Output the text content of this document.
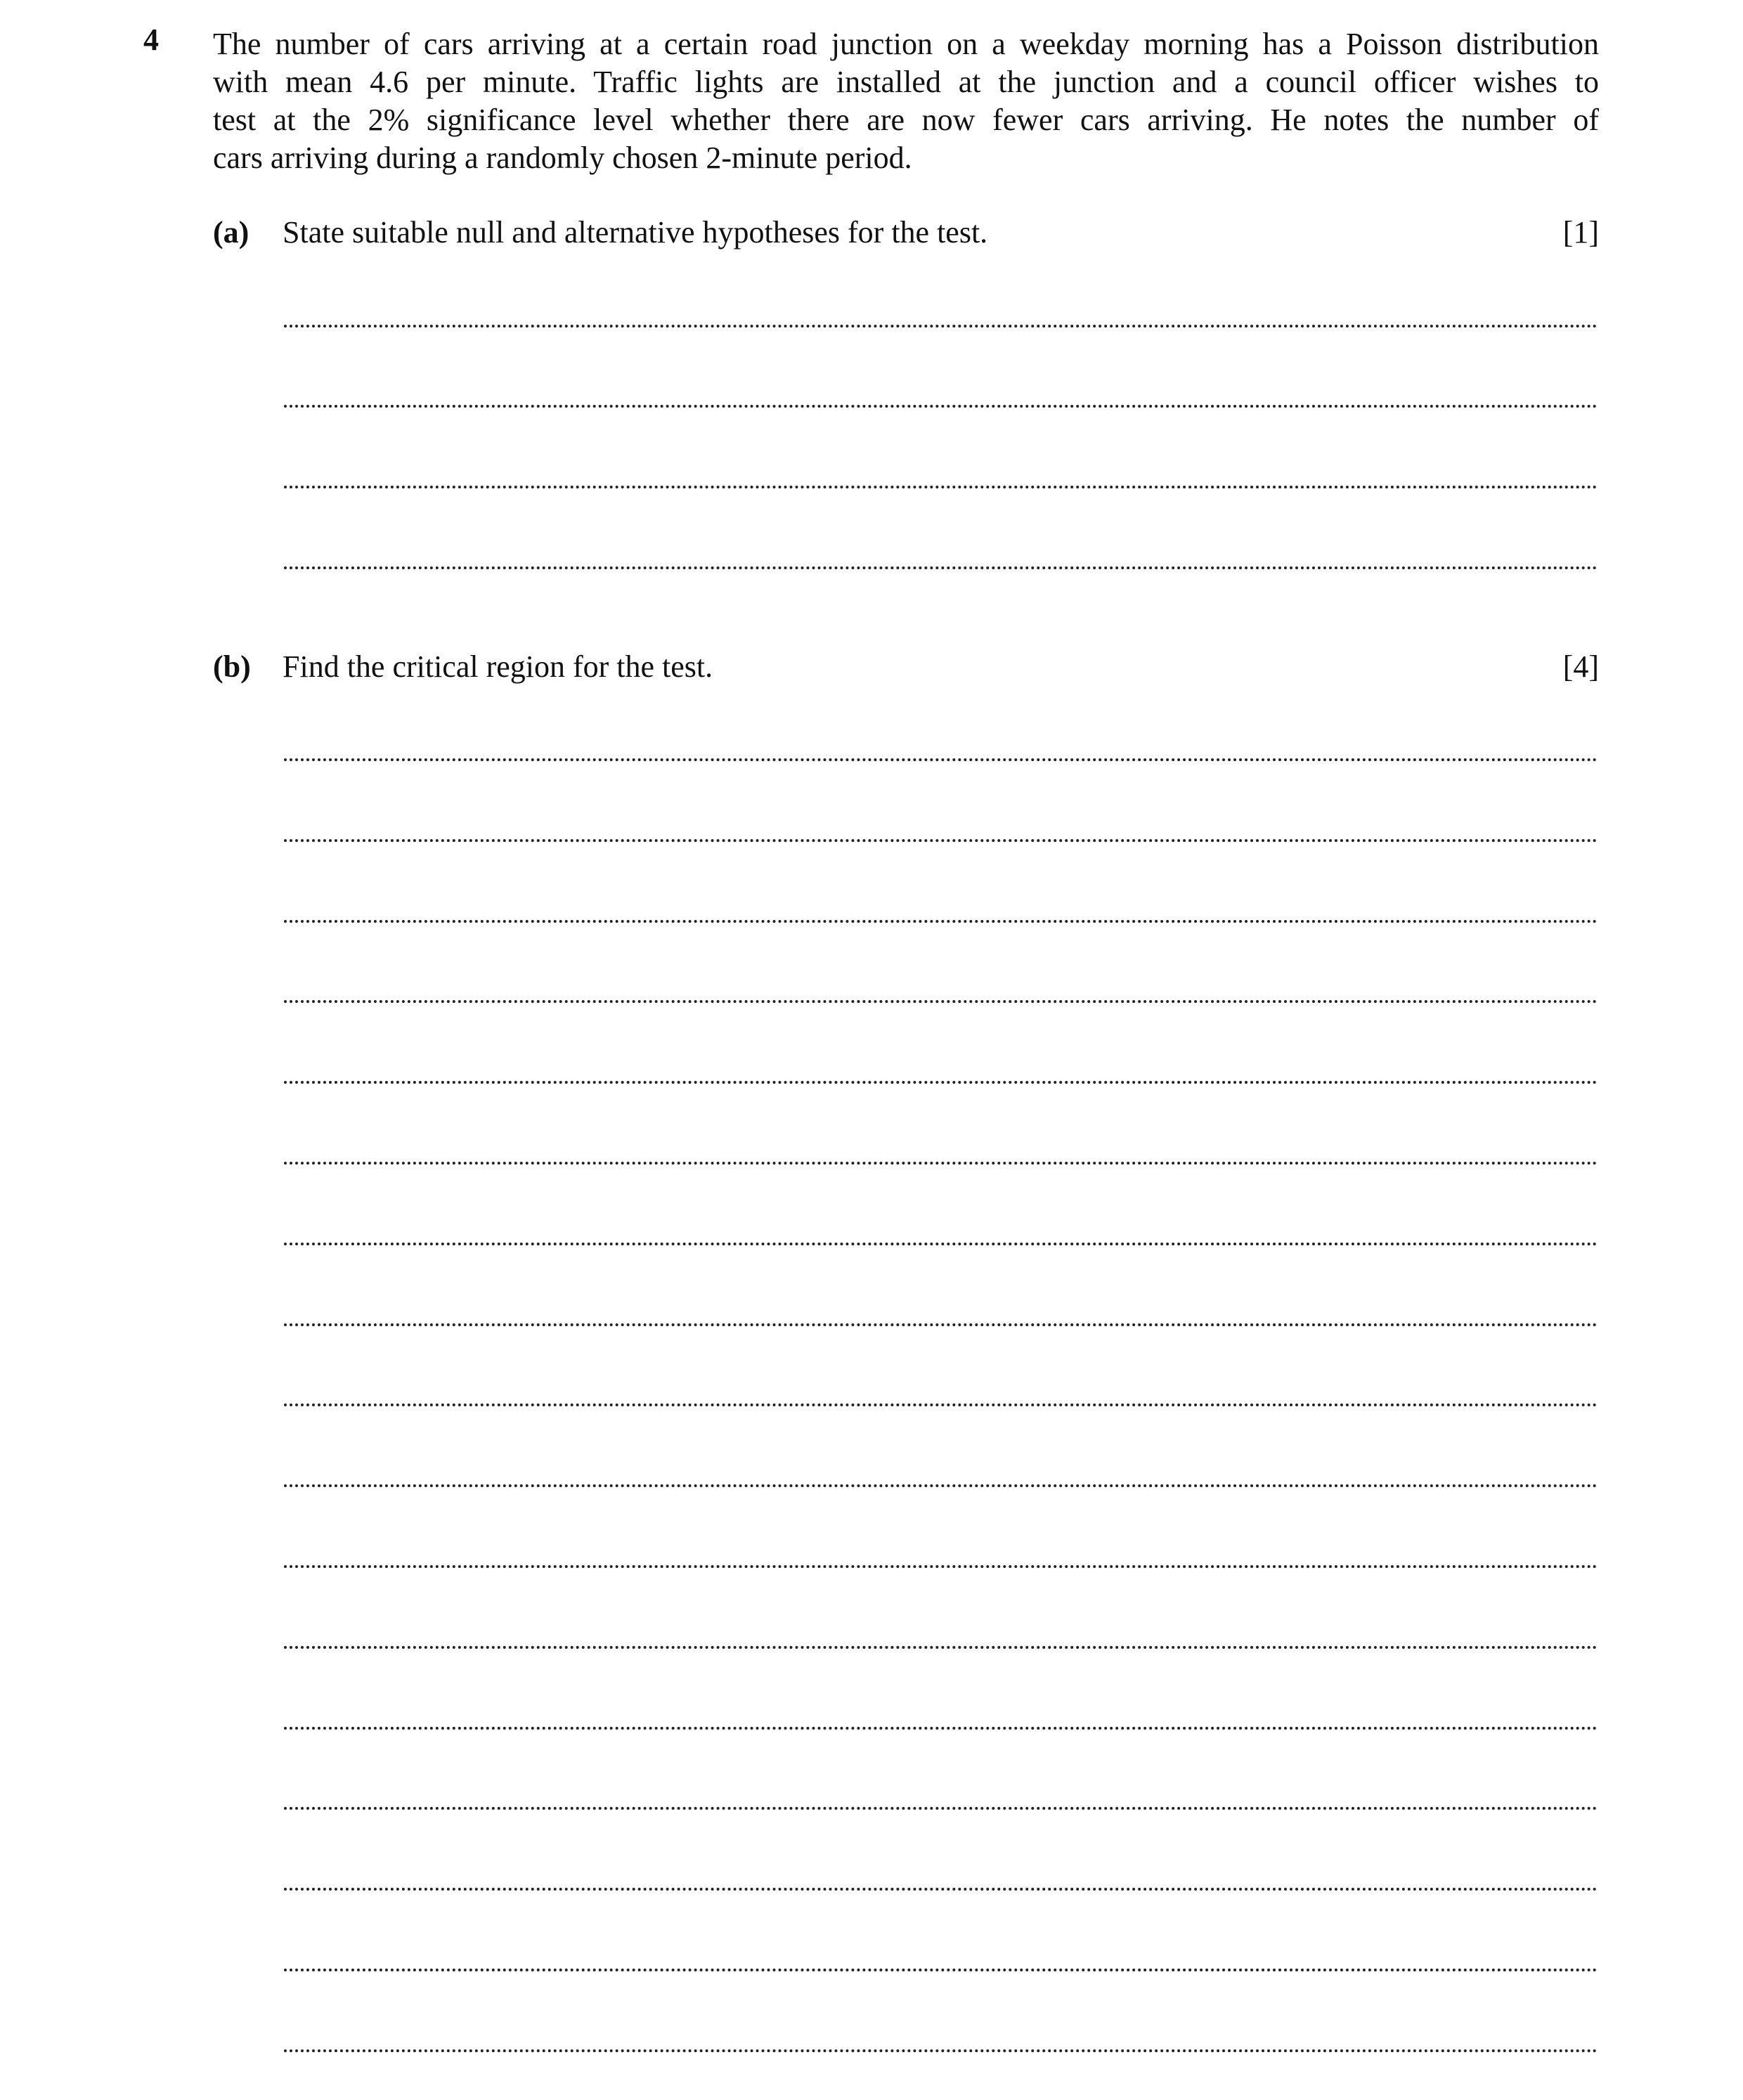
4 The number of cars arriving at a certain road junction on a weekday morning has a Poisson distribution
with mean 4.6 per minute. Traffic lights are installed at the junction and a council officer wishes to
test at the 2% significance level whether there are now fewer cars arriving. He notes the number of
cars arriving during a randomly chosen 2-minute period.
(a) State suitable null and alternative hypotheses for the test.	[1]
(b) Find the critical region for the test.	[4]
